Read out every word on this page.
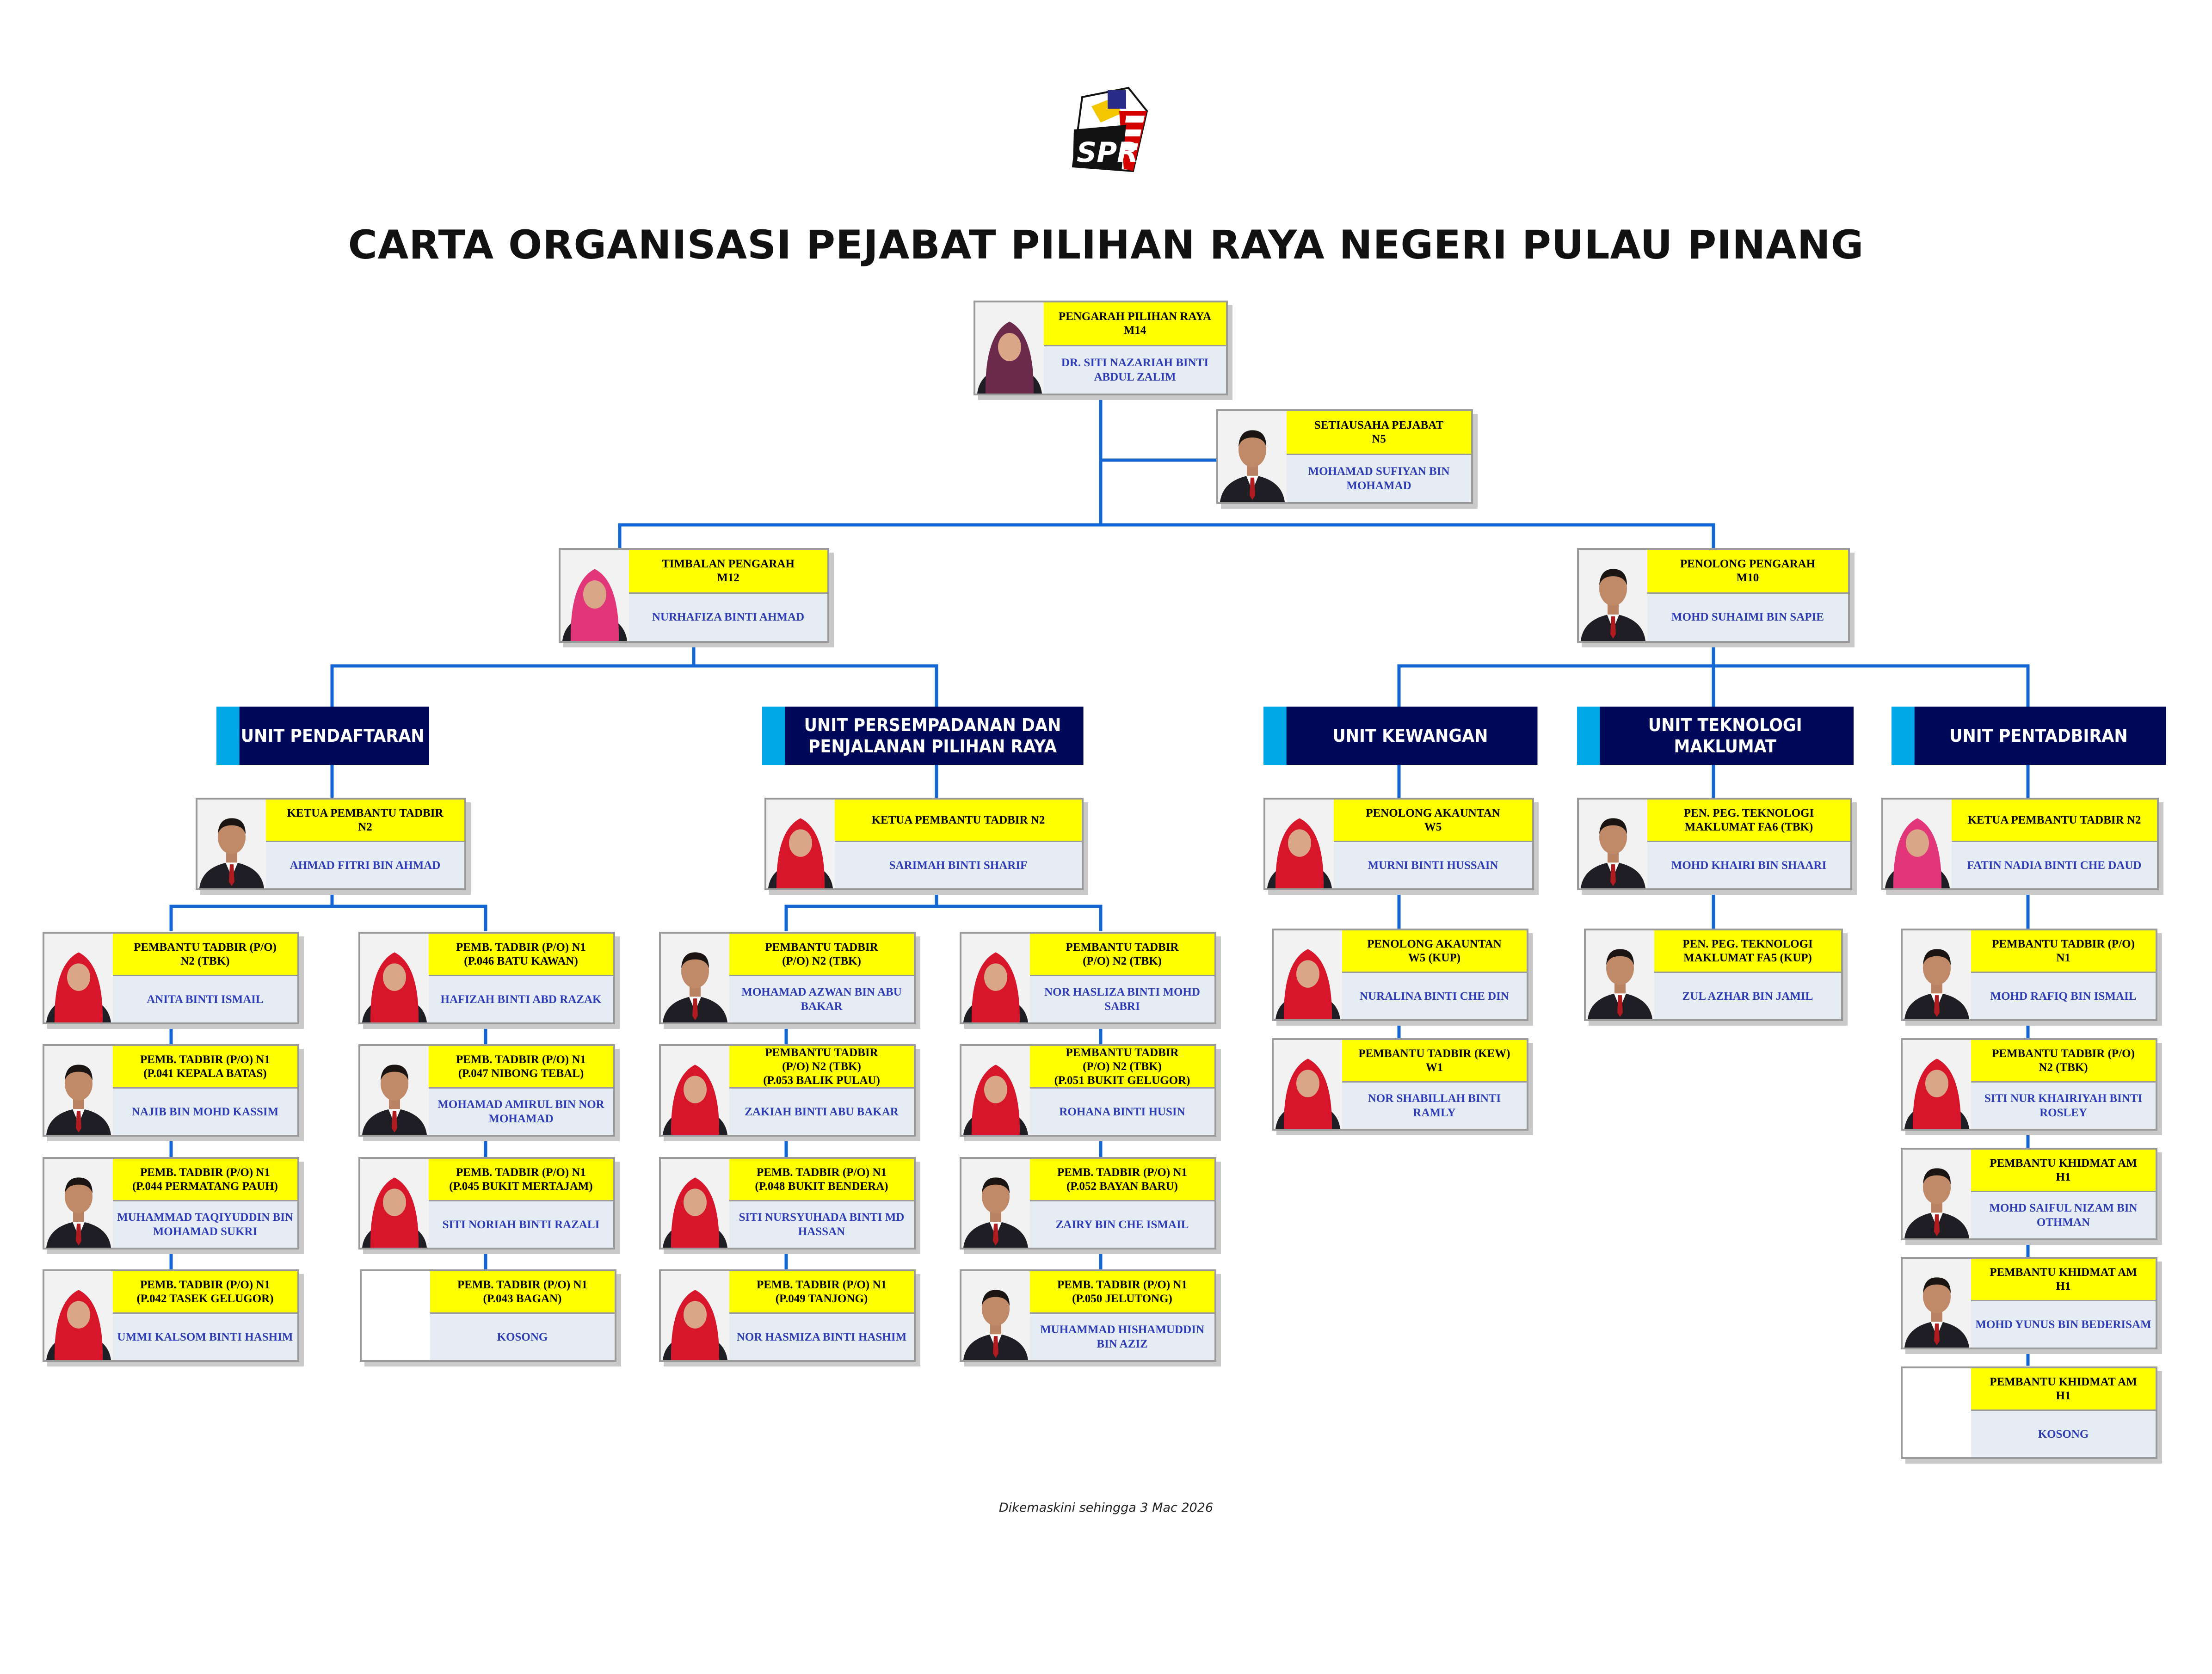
SPR
CARTA ORGANISASI PEJABAT PILIHAN RAYA NEGERI PULAU PINANG
UNIT PENDAFTARAN
UNIT PERSEMPADANAN DAN
PENJALANAN PILIHAN RAYA
UNIT KEWANGAN
UNIT TEKNOLOGI MAKLUMAT
UNIT PENTADBIRAN
PENGARAH PILIHAN RAYA
M14
DR. SITI NAZARIAH BINTI ABDUL ZALIM
SETIAUSAHA PEJABAT
N5
MOHAMAD SUFIYAN BIN MOHAMAD
TIMBALAN PENGARAH
M12
NURHAFIZA BINTI AHMAD
PENOLONG PENGARAH
M10
MOHD SUHAIMI BIN SAPIE
KETUA PEMBANTU TADBIR
N2
AHMAD FITRI BIN AHMAD
PEMBANTU TADBIR (P/O)
N2 (TBK)
ANITA BINTI ISMAIL
PEMB. TADBIR (P/O) N1
(P.041 KEPALA BATAS)
NAJIB BIN MOHD KASSIM
PEMB. TADBIR (P/O) N1
(P.044 PERMATANG PAUH)
MUHAMMAD TAQIYUDDIN BIN MOHAMAD SUKRI
PEMB. TADBIR (P/O) N1
(P.042 TASEK GELUGOR)
UMMI KALSOM BINTI HASHIM
PEMB. TADBIR (P/O) N1
(P.046 BATU KAWAN)
HAFIZAH BINTI ABD RAZAK
PEMB. TADBIR (P/O) N1
(P.047 NIBONG TEBAL)
MOHAMAD AMIRUL BIN NOR MOHAMAD
PEMB. TADBIR (P/O) N1
(P.045 BUKIT MERTAJAM)
SITI NORIAH BINTI RAZALI
PEMB. TADBIR (P/O) N1
(P.043 BAGAN)
KOSONG
KETUA PEMBANTU TADBIR N2
SARIMAH BINTI SHARIF
PEMBANTU TADBIR
(P/O) N2 (TBK)
MOHAMAD AZWAN BIN ABU BAKAR
PEMBANTU TADBIR
(P/O) N2 (TBK)
(P.053 BALIK PULAU)
ZAKIAH BINTI ABU BAKAR
PEMB. TADBIR (P/O) N1
(P.048 BUKIT BENDERA)
SITI NURSYUHADA BINTI MD HASSAN
PEMB. TADBIR (P/O) N1
(P.049 TANJONG)
NOR HASMIZA BINTI HASHIM
PEMBANTU TADBIR
(P/O) N2 (TBK)
NOR HASLIZA BINTI MOHD SABRI
PEMBANTU TADBIR
(P/O) N2 (TBK)
(P.051 BUKIT GELUGOR)
ROHANA BINTI HUSIN
PEMB. TADBIR (P/O) N1
(P.052 BAYAN BARU)
ZAIRY BIN CHE ISMAIL
PEMB. TADBIR (P/O) N1
(P.050 JELUTONG)
MUHAMMAD HISHAMUDDIN BIN AZIZ
PENOLONG AKAUNTAN
W5
MURNI BINTI HUSSAIN
PENOLONG AKAUNTAN
W5 (KUP)
NURALINA BINTI CHE DIN
PEMBANTU TADBIR (KEW)
W1
NOR SHABILLAH BINTI RAMLY
PEN. PEG. TEKNOLOGI
MAKLUMAT FA6 (TBK)
MOHD KHAIRI BIN SHAARI
PEN. PEG. TEKNOLOGI
MAKLUMAT FA5 (KUP)
ZUL AZHAR BIN JAMIL
KETUA PEMBANTU TADBIR N2
FATIN NADIA BINTI CHE DAUD
PEMBANTU TADBIR (P/O)
N1
MOHD RAFIQ BIN ISMAIL
PEMBANTU TADBIR (P/O)
N2 (TBK)
SITI NUR KHAIRIYAH BINTI ROSLEY
PEMBANTU KHIDMAT AM
H1
MOHD SAIFUL NIZAM BIN OTHMAN
PEMBANTU KHIDMAT AM
H1
MOHD YUNUS BIN BEDERISAM
PEMBANTU KHIDMAT AM
H1
KOSONG
Dikemaskini sehingga 3 Mac 2026
